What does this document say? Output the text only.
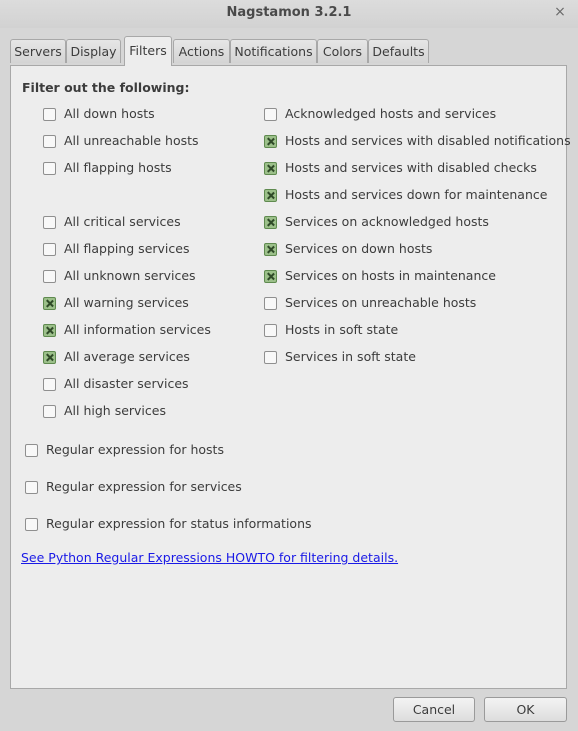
Nagstamon 3.2.1	×
Servers Display	Filters Actions Notifications Colors Defaults
Filter out the following:
All down hosts
All unreachable hosts
All flapping hosts
All critical services
All flapping services
All unknown services
All warning services
All information services
All average services
All disaster services
All high services
Acknowledged hosts and services
Hosts and services with disabled notifications
Hosts and services with disabled checks
Hosts and services down for maintenance
Services on acknowledged hosts
Services on down hosts
Services on hosts in maintenance
Services on unreachable hosts
Hosts in soft state
Services in soft state
Regular expression for hosts
Regular expression for services
Regular expression for status informations
See Python Regular Expressions HOWTO for filtering details.
Cancel	OK
